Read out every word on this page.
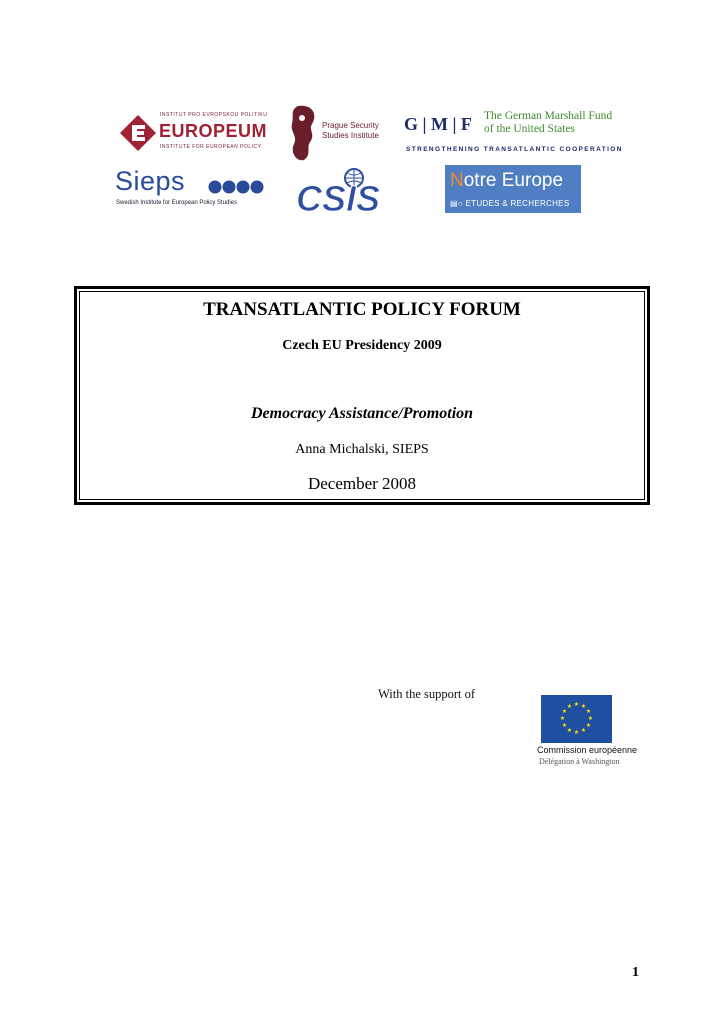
INSTITUT PRO EVROPSKOU POLITIKU
EUROPEUM
INSTITUTE FOR EUROPEAN POLICY
Prague Security
Studies Institute
G | M | F The German Marshall Fund
of the United States
STRENGTHENING TRANSATLANTIC COOPERATION
Sieps
Swedish Institute for European Policy Studies CSIS	Notre Europe
▤○ ETUDES & RECHERCHES
TRANSATLANTIC POLICY FORUM
Czech EU Presidency 2009
Democracy Assistance/Promotion
Anna Michalski, SIEPS
December 2008
With the support of
★ ★
★
★
★
★
★
★
★
★
★
★
Commission européenne
Délégation à Washington
1
